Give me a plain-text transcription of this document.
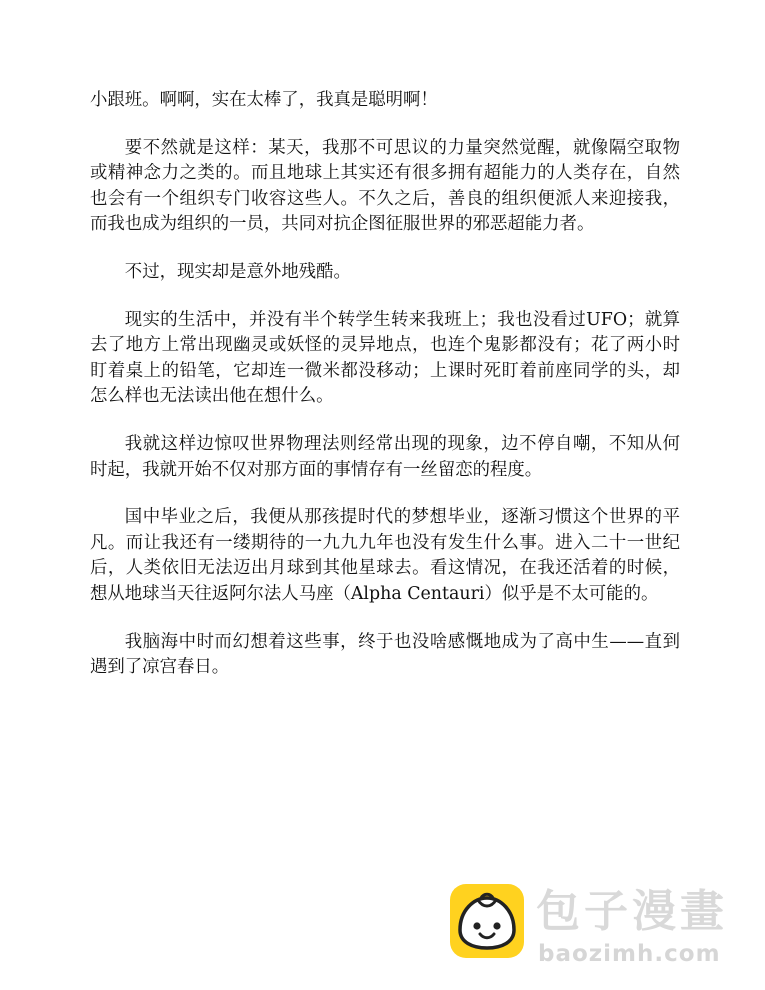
小跟班。啊啊，实在太棒了，我真是聪明啊！

要不然就是这样：某天，我那不可思议的力量突然觉醒，就像隔空取物或精神念力之类的。而且地球上其实还有很多拥有超能力的人类存在，自然也会有一个组织专门收容这些人。不久之后，善良的组织便派人来迎接我，而我也成为组织的一员，共同对抗企图征服世界的邪恶超能力者。

不过，现实却是意外地残酷。

现实的生活中，并没有半个转学生转来我班上；我也没看过UFO；就算去了地方上常出现幽灵或妖怪的灵异地点，也连个鬼影都没有；花了两小时盯着桌上的铅笔，它却连一微米都没移动；上课时死盯着前座同学的头，却怎么样也无法读出他在想什么。

我就这样边惊叹世界物理法则经常出现的现象，边不停自嘲，不知从何时起，我就开始不仅对那方面的事情存有一丝留恋的程度。

国中毕业之后，我便从那孩提时代的梦想毕业，逐渐习惯这个世界的平凡。而让我还有一缕期待的一九九九年也没有发生什么事。进入二十一世纪后，人类依旧无法迈出月球到其他星球去。看这情况，在我还活着的时候，想从地球当天往返阿尔法人马座（Alpha Centauri）似乎是不太可能的。

我脑海中时而幻想着这些事，终于也没啥感慨地成为了高中生——直到遇到了凉宫春日。

包子漫畫
baozimh.com
